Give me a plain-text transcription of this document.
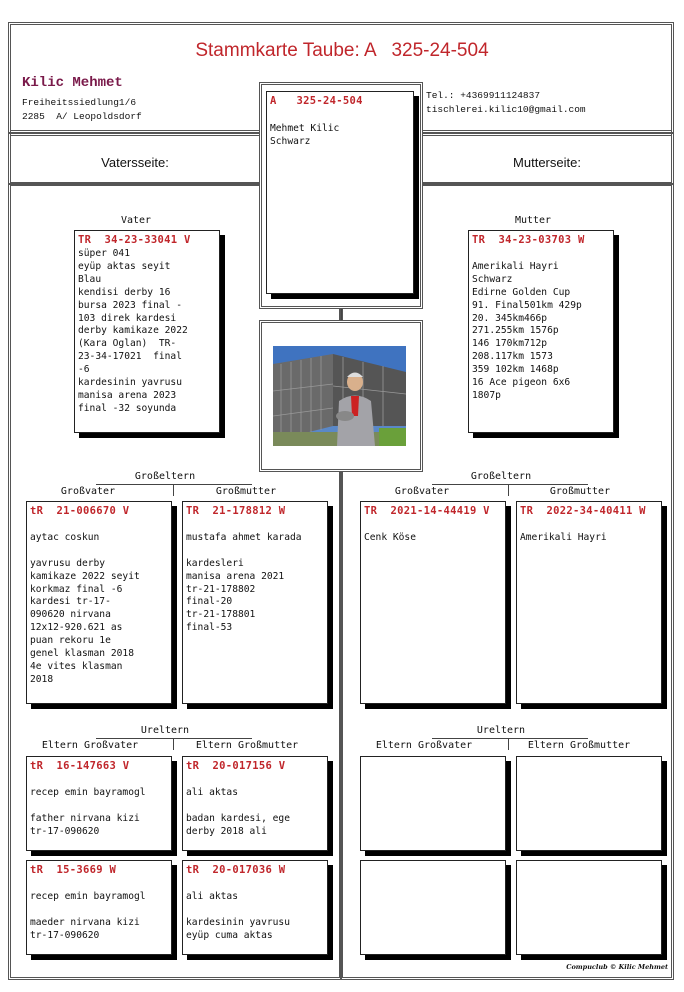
Stammkarte Taube: A   325-24-504
Kilic Mehmet
Freiheitssiedlung1/6
2285  A/ Leopoldsdorf
Tel.: +4369911124837
tischlerei.kilic10@gmail.com
Vatersseite:	Mutterseite:
A   325-24-504
Mehmet Kilic
Schwarz
Vater
TR  34-23-33041 V
süper 041
eyüp aktas seyit
Blau
kendisi derby 16
bursa 2023 final -
103 direk kardesi
derby kamikaze 2022
(Kara Oglan)  TR-
23-34-17021  final
-6
kardesinin yavrusu
manisa arena 2023
final -32 soyunda
Mutter
TR  34-23-03703 W

Amerikali Hayri
Schwarz
Edirne Golden Cup
91. Final501km 429p
20. 345km466p
271.255km 1576p
146 170km712p
208.117km 1573
359 102km 1468p
16 Ace pigeon 6x6
1807p
Großeltern
Großvater	Großmutter
Großeltern
Großvater	Großmutter
tR  21-006670 V

aytac coskun

yavrusu derby
kamikaze 2022 seyit
korkmaz final -6
kardesi tr-17-
090620 nirvana
12x12-920.621 as
puan rekoru 1e
genel klasman 2018
4e vites klasman
2018
TR  21-178812 W

mustafa ahmet karada

kardesleri
manisa arena 2021
tr-21-178802
final-20
tr-21-178801
final-53
TR  2021-14-44419 V

Cenk Köse
TR  2022-34-40411 W

Amerikali Hayri
Ureltern
Eltern Großvater	Eltern Großmutter
Ureltern
Eltern Großvater	Eltern Großmutter
tR  16-147663 V

recep emin bayramogl

father nirvana kizi
tr-17-090620
tR  15-3669 W

recep emin bayramogl

maeder nirvana kizi
tr-17-090620
tR  20-017156 V

ali aktas

badan kardesi, ege
derby 2018 ali
tR  20-017036 W

ali aktas

kardesinin yavrusu
eyüp cuma aktas
Compuclub © Kilic Mehmet
